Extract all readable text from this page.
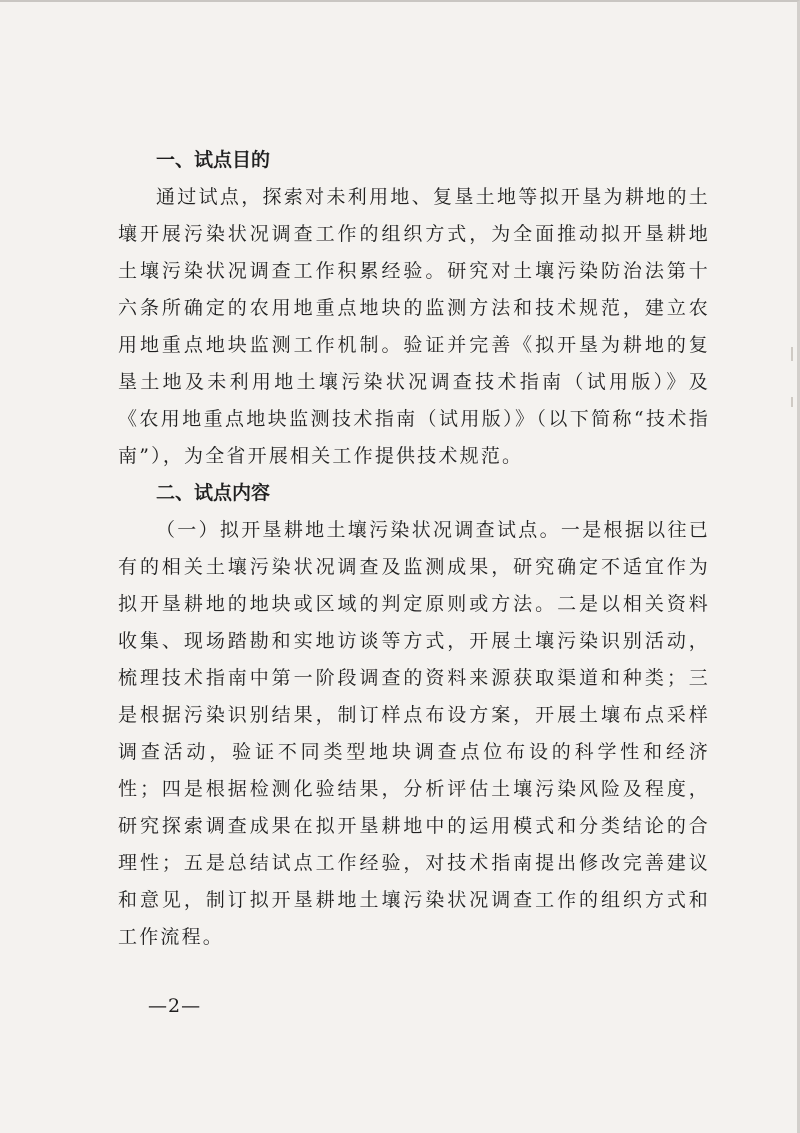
一、试点目的

通过试点，探索对未利用地、复垦土地等拟开垦为耕地的土壤开展污染状况调查工作的组织方式，为全面推动拟开垦耕地土壤污染状况调查工作积累经验。研究对土壤污染防治法第十六条所确定的农用地重点地块的监测方法和技术规范，建立农用地重点地块监测工作机制。验证并完善《拟开垦为耕地的复垦土地及未利用地土壤污染状况调查技术指南（试用版）》及《农用地重点地块监测技术指南（试用版）》（以下简称“技术指南”），为全省开展相关工作提供技术规范。

二、试点内容

（一）拟开垦耕地土壤污染状况调查试点。一是根据以往已有的相关土壤污染状况调查及监测成果，研究确定不适宜作为拟开垦耕地的地块或区域的判定原则或方法。二是以相关资料收集、现场踏勘和实地访谈等方式，开展土壤污染识别活动，梳理技术指南中第一阶段调查的资料来源获取渠道和种类；三是根据污染识别结果，制订样点布设方案，开展土壤布点采样调查活动，验证不同类型地块调查点位布设的科学性和经济性；四是根据检测化验结果，分析评估土壤污染风险及程度，研究探索调查成果在拟开垦耕地中的运用模式和分类结论的合理性；五是总结试点工作经验，对技术指南提出修改完善建议和意见，制订拟开垦耕地土壤污染状况调查工作的组织方式和工作流程。

—2—
